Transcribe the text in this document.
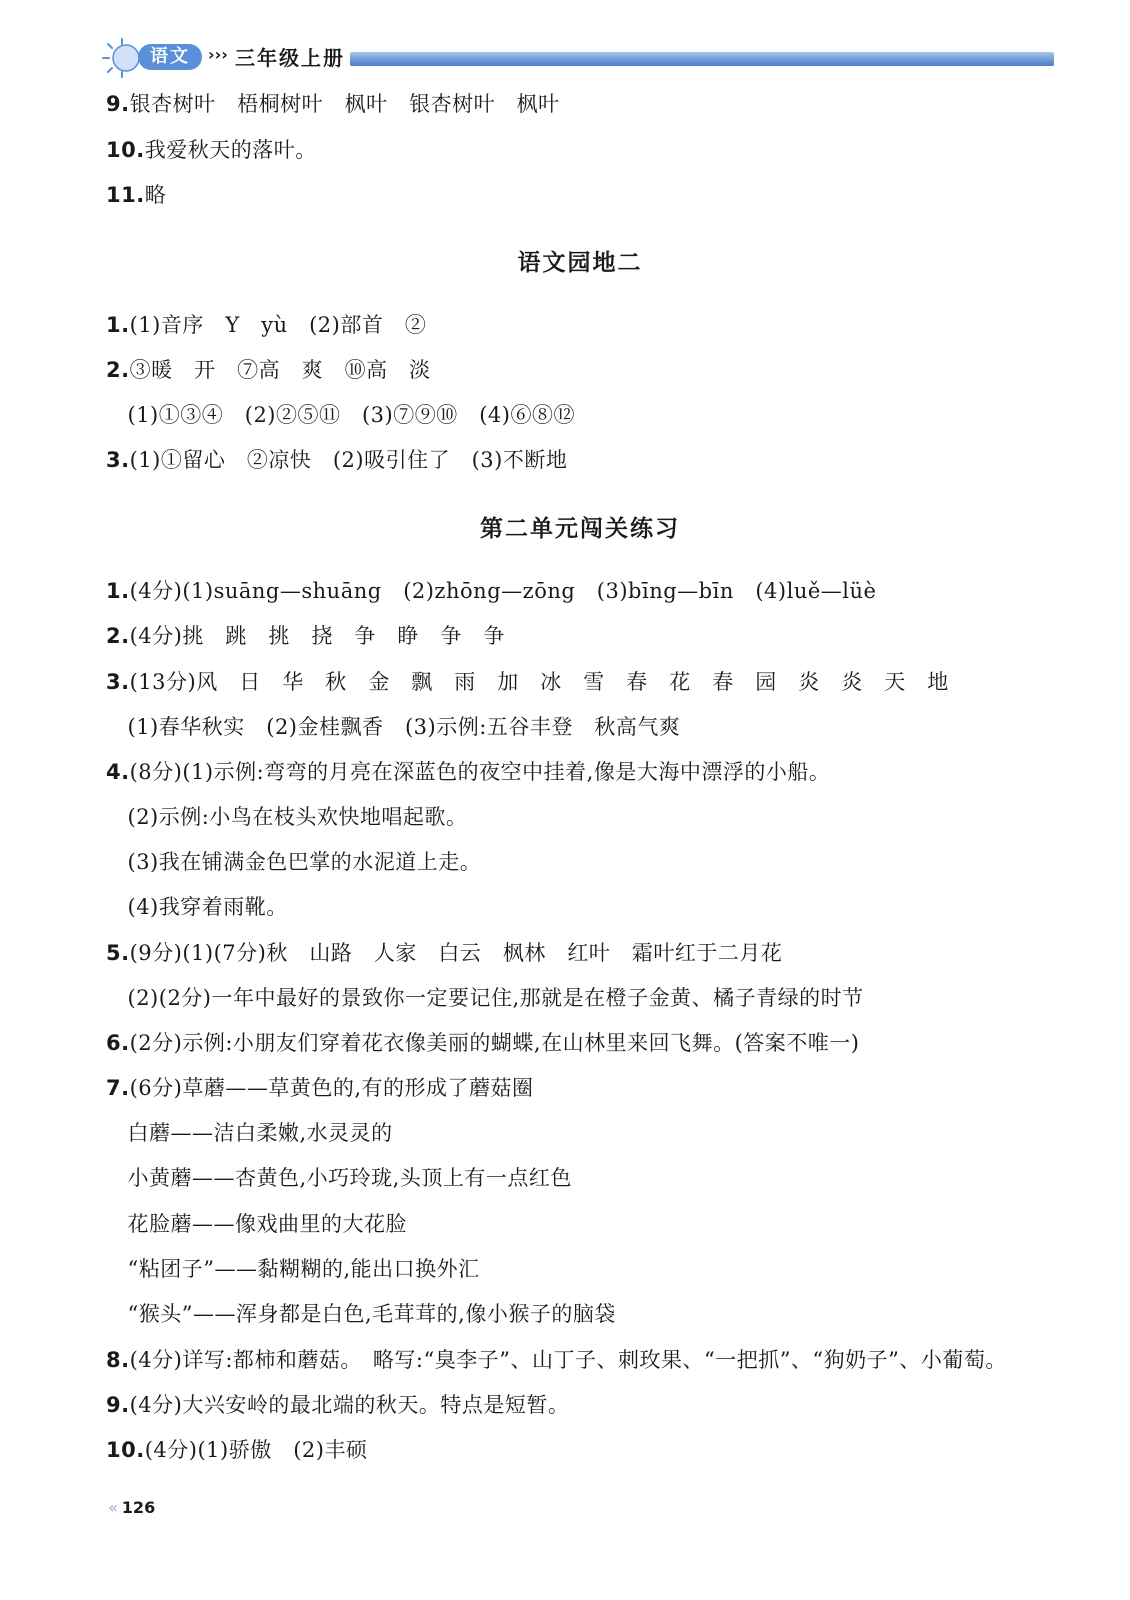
语文	››› 三年级上册
9.银杏树叶　梧桐树叶　枫叶　银杏树叶　枫叶
10.我爱秋天的落叶。
11.略
语文园地二
1.(1)音序　Y　yù　(2)部首　②
2.③暖　开　⑦高　爽　⑩高　淡
　(1)①③④　(2)②⑤⑪　(3)⑦⑨⑩　(4)⑥⑧⑫
3.(1)①留心　②凉快　(2)吸引住了　(3)不断地
第二单元闯关练习
1.(4分)(1)suāng—shuāng　(2)zhōng—zōng　(3)bīng—bīn　(4)luě—lüè
2.(4分)挑　跳　挑　挠　争　睁　争　争
3.(13分)风　日　华　秋　金　飘　雨　加　冰　雪　春　花　春　园　炎　炎　天　地
　(1)春华秋实　(2)金桂飘香　(3)示例:五谷丰登　秋高气爽
4.(8分)(1)示例:弯弯的月亮在深蓝色的夜空中挂着,像是大海中漂浮的小船。
　(2)示例:小鸟在枝头欢快地唱起歌。
　(3)我在铺满金色巴掌的水泥道上走。
　(4)我穿着雨靴。
5.(9分)(1)(7分)秋　山路　人家　白云　枫林　红叶　霜叶红于二月花
　(2)(2分)一年中最好的景致你一定要记住,那就是在橙子金黄、橘子青绿的时节
6.(2分)示例:小朋友们穿着花衣像美丽的蝴蝶,在山林里来回飞舞。(答案不唯一)
7.(6分)草蘑——草黄色的,有的形成了蘑菇圈
　白蘑——洁白柔嫩,水灵灵的
　小黄蘑——杏黄色,小巧玲珑,头顶上有一点红色
　花脸蘑——像戏曲里的大花脸
　“粘团子”——黏糊糊的,能出口换外汇
　“猴头”——浑身都是白色,毛茸茸的,像小猴子的脑袋
8.(4分)详写:都柿和蘑菇。　略写:“臭李子”、山丁子、刺玫果、“一把抓”、“狗奶子”、小葡萄。
9.(4分)大兴安岭的最北端的秋天。特点是短暂。
10.(4分)(1)骄傲　(2)丰硕
« 126
